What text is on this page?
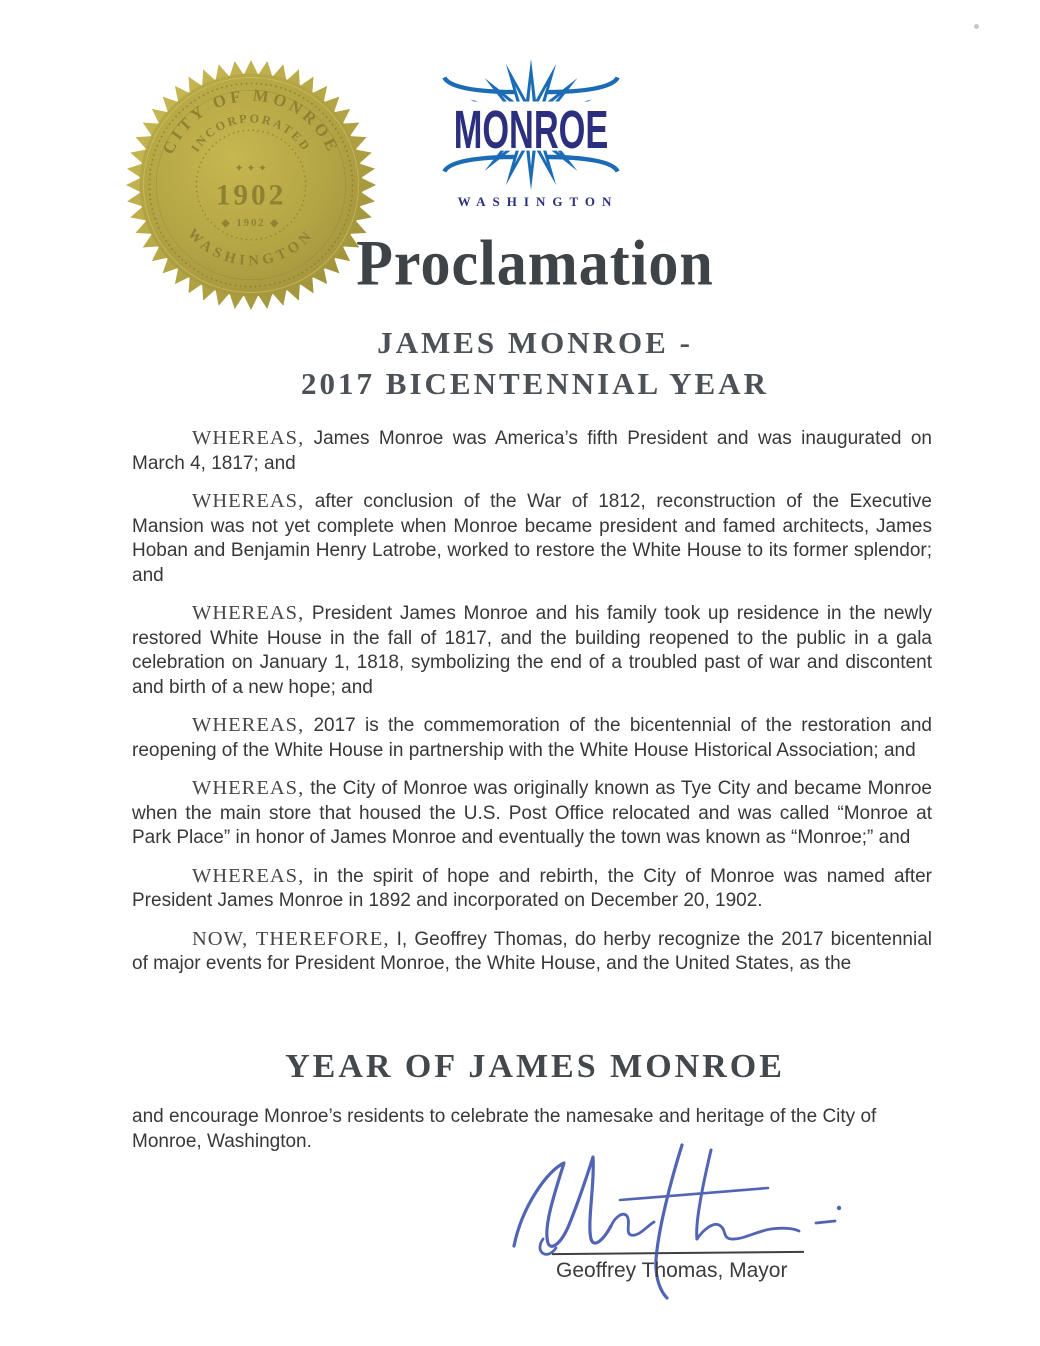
CITY OF MONROE
INCORPORATED
WASHINGTON
✦ ✦ ✦
1902
◆ 1902 ◆
MONROE
WASHINGTON
Proclamation
JAMES MONROE -
2017 BICENTENNIAL YEAR

WHEREAS, James Monroe was America’s fifth President and was inaugurated on March 4, 1817; and

WHEREAS, after conclusion of the War of 1812, reconstruction of the Executive Mansion was not yet complete when Monroe became president and famed architects, James Hoban and Benjamin Henry Latrobe, worked to restore the White House to its former splendor; and

WHEREAS, President James Monroe and his family took up residence in the newly restored White House in the fall of 1817, and the building reopened to the public in a gala celebration on January 1, 1818, symbolizing the end of a troubled past of war and discontent and birth of a new hope; and

WHEREAS, 2017 is the commemoration of the bicentennial of the restoration and reopening of the White House in partnership with the White House Historical Association; and

WHEREAS, the City of Monroe was originally known as Tye City and became Monroe when the main store that housed the U.S. Post Office relocated and was called “Monroe at Park Place” in honor of James Monroe and eventually the town was known as “Monroe;” and

WHEREAS, in the spirit of hope and rebirth, the City of Monroe was named after President James Monroe in 1892 and incorporated on December 20, 1902.

NOW, THEREFORE, I, Geoffrey Thomas, do herby recognize the 2017 bicentennial of major events for President Monroe, the White House, and the United States, as the

YEAR OF JAMES MONROE
and encourage Monroe’s residents to celebrate the namesake and heritage of the City of Monroe, Washington.
Geoffrey Thomas, Mayor
